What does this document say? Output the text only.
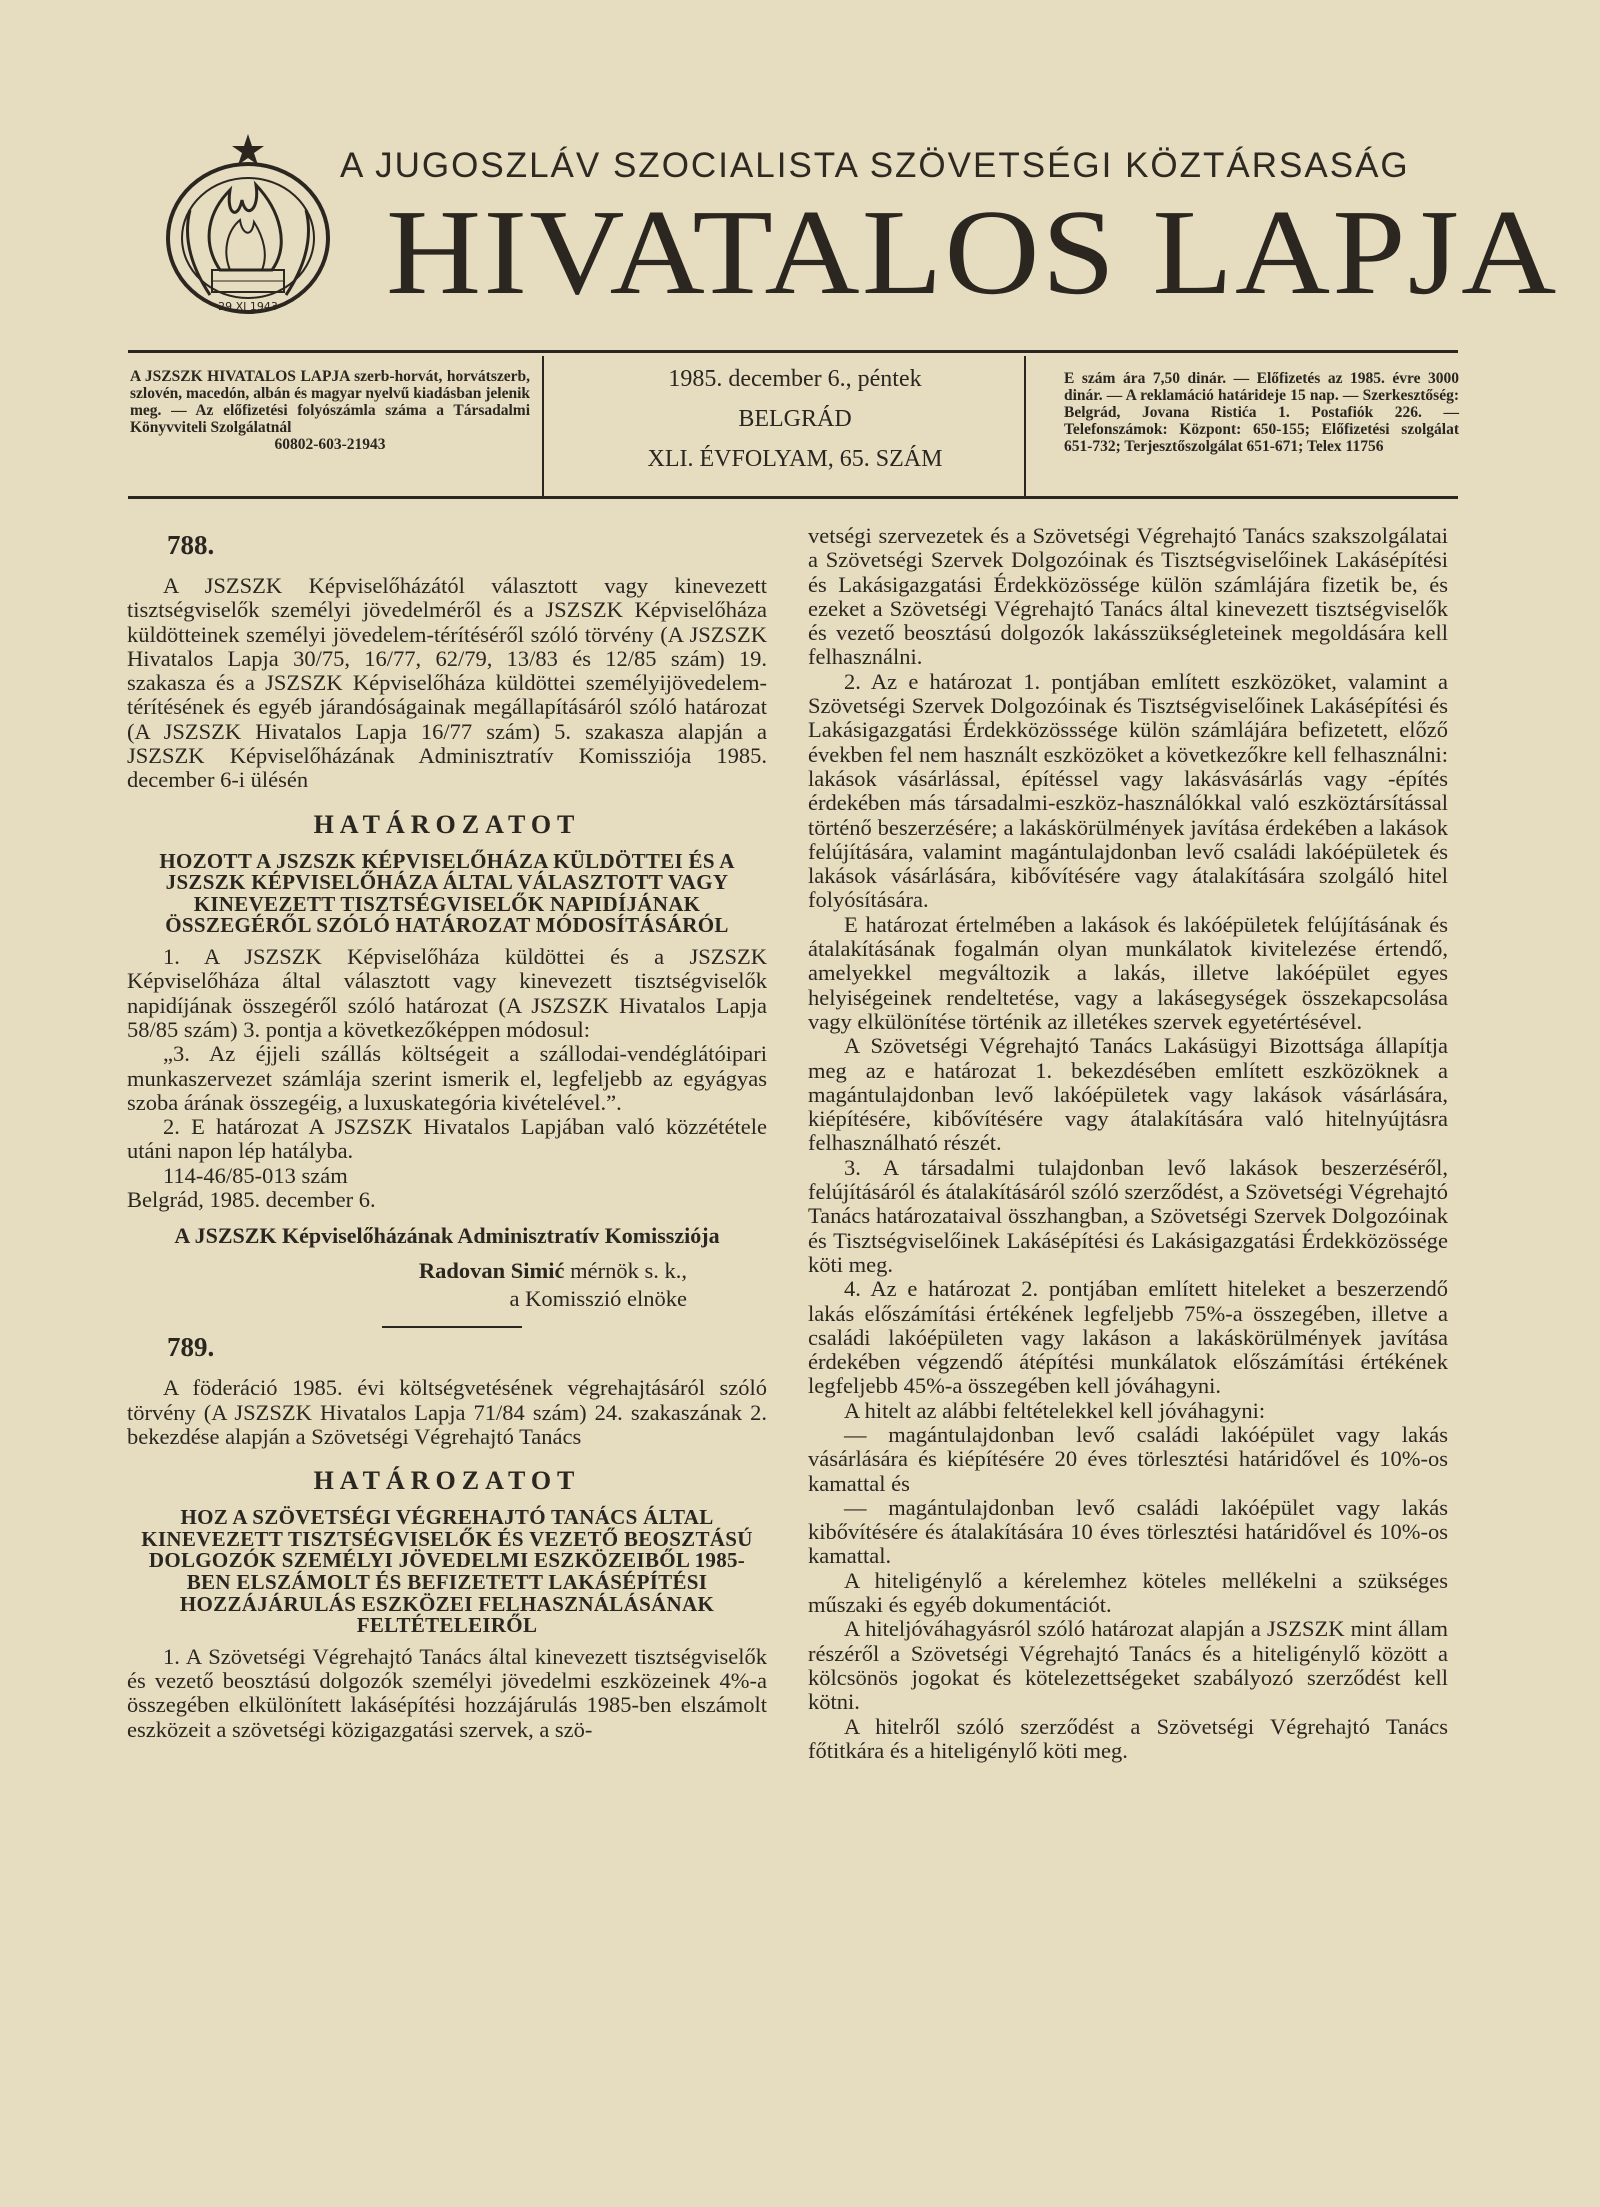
29 XI 1943
A JUGOSZLÁV SZOCIALISTA SZÖVETSÉGI KÖZTÁRSASÁG
HIVATALOS LAPJA
A JSZSZK HIVATALOS LAPJA szerb-horvát, horvátszerb, szlovén, macedón, albán és magyar nyelvű kiadásban jelenik meg. — Az előfizetési folyószámla száma a Társadalmi Könyvviteli Szolgálatnál
60802-603-21943
1985. december 6., péntek
BELGRÁD
XLI. ÉVFOLYAM, 65. SZÁM
E szám ára 7,50 dinár. — Előfizetés az 1985. évre 3000 dinár. — A reklamáció határideje 15 nap. — Szerkesztőség: Belgrád, Jovana Ristića 1. Postafiók 226. — Telefonszámok: Központ: 650-155; Előfizetési szolgálat 651-732; Terjesztőszolgálat 651-671; Telex 11756
788.

A JSZSZK Képviselőházától választott vagy kinevezett tisztségviselők személyi jövedelméről és a JSZSZK Képviselőháza küldötteinek személyi jövedelem-térítéséről szóló törvény (A JSZSZK Hivatalos Lapja 30/75, 16/77, 62/79, 13/83 és 12/85 szám) 19. szakasza és a JSZSZK Képviselőháza küldöttei személyijövedelem-térítésének és egyéb járandóságainak megállapításáról szóló határozat (A JSZSZK Hivatalos Lapja 16/77 szám) 5. szakasza alapján a JSZSZK Képviselőházának Adminisztratív Komissziója 1985. december 6-i ülésén

HATÁROZATOT
HOZOTT A JSZSZK KÉPVISELŐHÁZA KÜLDÖTTEI ÉS A JSZSZK KÉPVISELŐHÁZA ÁLTAL VÁLASZTOTT VAGY KINEVEZETT TISZTSÉGVISELŐK NAPIDÍJÁNAK ÖSSZEGÉRŐL SZÓLÓ HATÁROZAT MÓDOSÍTÁSÁRÓL

1. A JSZSZK Képviselőháza küldöttei és a JSZSZK Képviselőháza által választott vagy kinevezett tisztségviselők napidíjának összegéről szóló határozat (A JSZSZK Hivatalos Lapja 58/85 szám) 3. pontja a következőképpen módosul:

„3. Az éjjeli szállás költségeit a szállodai-vendéglátóipari munkaszervezet számlája szerint ismerik el, legfeljebb az egyágyas szoba árának összegéig, a luxuskategória kivételével.”.

2. E határozat A JSZSZK Hivatalos Lapjában való közzététele utáni napon lép hatályba.

114-46/85-013 szám

Belgrád, 1985. december 6.

A JSZSZK Képviselőházának Adminisztratív Komissziója
Radovan Simić mérnök s. k.,
a Komisszió elnöke
789.

A föderáció 1985. évi költségvetésének végrehajtásáról szóló törvény (A JSZSZK Hivatalos Lapja 71/84 szám) 24. szakaszának 2. bekezdése alapján a Szövetségi Végrehajtó Tanács

HATÁROZATOT
HOZ A SZÖVETSÉGI VÉGREHAJTÓ TANÁCS ÁLTAL KINEVEZETT TISZTSÉGVISELŐK ÉS VEZETŐ BEOSZTÁSÚ DOLGOZÓK SZEMÉLYI JÖVEDELMI ESZKÖZEIBŐL 1985-BEN ELSZÁMOLT ÉS BEFIZETETT LAKÁSÉPÍTÉSI HOZZÁJÁRULÁS ESZKÖZEI FELHASZNÁLÁSÁNAK FELTÉTELEIRŐL

1. A Szövetségi Végrehajtó Tanács által kinevezett tisztségviselők és vezető beosztású dolgozók személyi jövedelmi eszközeinek 4%-a összegében elkülönített lakásépítési hozzájárulás 1985-ben elszámolt eszközeit a szövetségi közigazgatási szervek, a szö-

vetségi szervezetek és a Szövetségi Végrehajtó Tanács szakszolgálatai a Szövetségi Szervek Dolgozóinak és Tisztségviselőinek Lakásépítési és Lakásigazgatási Érdekközössége külön számlájára fizetik be, és ezeket a Szövetségi Végrehajtó Tanács által kinevezett tisztségviselők és vezető beosztású dolgozók lakásszükségleteinek megoldására kell felhasználni.

2. Az e határozat 1. pontjában említett eszközöket, valamint a Szövetségi Szervek Dolgozóinak és Tisztségviselőinek Lakásépítési és Lakásigazgatási Érdekközösssége külön számlájára befizetett, előző években fel nem használt eszközöket a következőkre kell felhasználni: lakások vásárlással, építéssel vagy lakásvásárlás vagy -építés érdekében más társadalmi-eszköz-használókkal való eszköztársítással történő beszerzésére; a lakáskörülmények javítása érdekében a lakások felújítására, valamint magántulajdonban levő családi lakóépületek és lakások vásárlására, kibővítésére vagy átalakítására szolgáló hitel folyósítására.

E határozat értelmében a lakások és lakóépületek felújításának és átalakításának fogalmán olyan munkálatok kivitelezése értendő, amelyekkel megváltozik a lakás, illetve lakóépület egyes helyiségeinek rendeltetése, vagy a lakásegységek összekapcsolása vagy elkülönítése történik az illetékes szervek egyetértésével.

A Szövetségi Végrehajtó Tanács Lakásügyi Bizottsága állapítja meg az e határozat 1. bekezdésében említett eszközöknek a magántulajdonban levő lakóépületek vagy lakások vásárlására, kiépítésére, kibővítésére vagy átalakítására való hitelnyújtásra felhasználható részét.

3. A társadalmi tulajdonban levő lakások beszerzéséről, felújításáról és átalakításáról szóló szerződést, a Szövetségi Végrehajtó Tanács határozataival összhangban, a Szövetségi Szervek Dolgozóinak és Tisztségviselőinek Lakásépítési és Lakásigazgatási Érdekközössége köti meg.

4. Az e határozat 2. pontjában említett hiteleket a beszerzendő lakás előszámítási értékének legfeljebb 75%-a összegében, illetve a családi lakóépületen vagy lakáson a lakáskörülmények javítása érdekében végzendő átépítési munkálatok előszámítási értékének legfeljebb 45%-a összegében kell jóváhagyni.

A hitelt az alábbi feltételekkel kell jóváhagyni:

— magántulajdonban levő családi lakóépület vagy lakás vásárlására és kiépítésére 20 éves törlesztési határidővel és 10%-os kamattal és

— magántulajdonban levő családi lakóépület vagy lakás kibővítésére és átalakítására 10 éves törlesztési határidővel és 10%-os kamattal.

A hiteligénylő a kérelemhez köteles mellékelni a szükséges műszaki és egyéb dokumentációt.

A hiteljóváhagyásról szóló határozat alapján a JSZSZK mint állam részéről a Szövetségi Végrehajtó Tanács és a hiteligénylő között a kölcsönös jogokat és kötelezettségeket szabályozó szerződést kell kötni.

A hitelről szóló szerződést a Szövetségi Végrehajtó Tanács főtitkára és a hiteligénylő köti meg.
